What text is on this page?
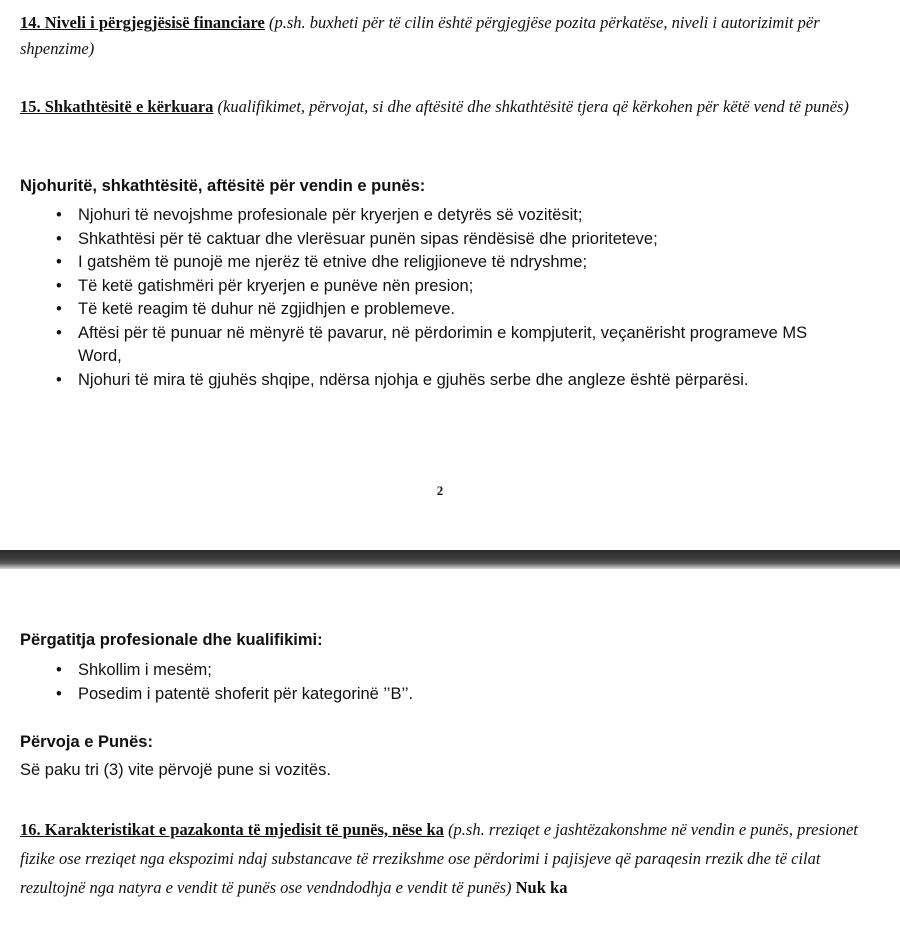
14. Niveli i përgjegjësisë financiare (p.sh. buxheti për të cilin është përgjegjëse pozita përkatëse, niveli i autorizimit për shpenzime)
15. Shkathtësitë e kërkuara (kualifikimet, përvojat, si dhe aftësitë dhe shkathtësitë tjera që kërkohen për këtë vend të punës)
Njohuritë, shkathtësitë, aftësitë për vendin e punës:
• Njohuri të nevojshme profesionale për kryerjen e detyrës së vozitësit;
• Shkathtësi për të caktuar dhe vlerësuar punën sipas rëndësisë dhe prioriteteve;
• I gatshëm të punojë me njerëz të etnive dhe religjioneve të ndryshme;
• Të ketë gatishmëri për kryerjen e punëve nën presion;
• Të ketë reagim të duhur në zgjidhjen e problemeve.
• Aftësi për të punuar në mënyrë të pavarur, në përdorimin e kompjuterit, veçanërisht programeve MS Word,
• Njohuri të mira të gjuhës shqipe, ndërsa njohja e gjuhës serbe dhe angleze është përparësi.
2
Përgatitja profesionale dhe kualifikimi:
• Shkollim i mesëm;
• Posedim i patentë shoferit për kategorinë ’’B’’.
Përvoja e Punës:
Së paku tri (3) vite përvojë pune si vozitës.
16. Karakteristikat e pazakonta të mjedisit të punës, nëse ka (p.sh. rreziqet e jashtëzakonshme në vendin e punës, presionet fizike ose rreziqet nga ekspozimi ndaj substancave të rrezikshme ose përdorimi i pajisjeve që paraqesin rrezik dhe të cilat rezultojnë nga natyra e vendit të punës ose vendndodhja e vendit të punës) Nuk ka
